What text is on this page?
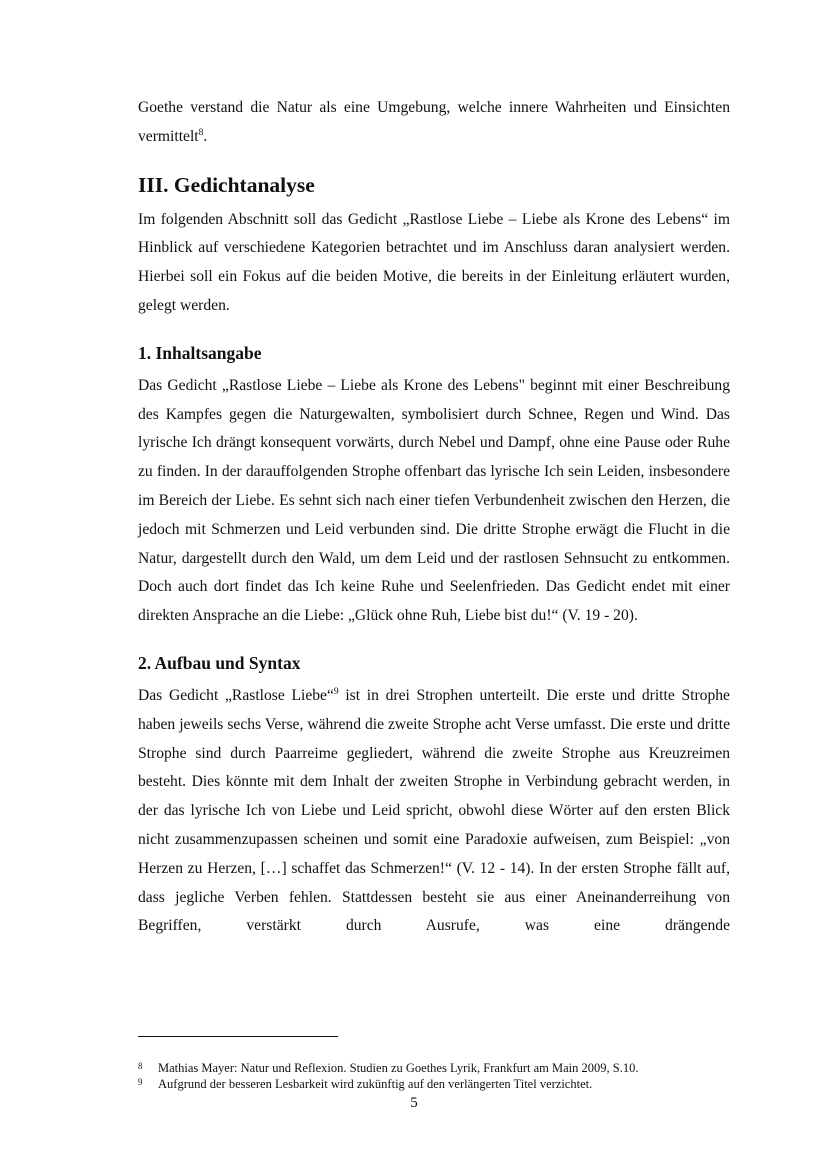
Goethe verstand die Natur als eine Umgebung, welche innere Wahrheiten und Einsichten vermittelt$^8$.

III. Gedichtanalyse

Im folgenden Abschnitt soll das Gedicht „Rastlose Liebe – Liebe als Krone des Lebens“ im Hinblick auf verschiedene Kategorien betrachtet und im Anschluss daran analysiert werden. Hierbei soll ein Fokus auf die beiden Motive, die bereits in der Einleitung erläutert wurden, gelegt werden.

1. Inhaltsangabe

Das Gedicht „Rastlose Liebe – Liebe als Krone des Lebens" beginnt mit einer Beschreibung des Kampfes gegen die Naturgewalten, symbolisiert durch Schnee, Regen und Wind. Das lyrische Ich drängt konsequent vorwärts, durch Nebel und Dampf, ohne eine Pause oder Ruhe zu finden. In der darauffolgenden Strophe offenbart das lyrische Ich sein Leiden, insbesondere im Bereich der Liebe. Es sehnt sich nach einer tiefen Verbundenheit zwischen den Herzen, die jedoch mit Schmerzen und Leid verbunden sind. Die dritte Strophe erwägt die Flucht in die Natur, dargestellt durch den Wald, um dem Leid und der rastlosen Sehnsucht zu entkommen. Doch auch dort findet das Ich keine Ruhe und Seelenfrieden. Das Gedicht endet mit einer direkten Ansprache an die Liebe: „Glück ohne Ruh, Liebe bist du!“ (V. 19 - 20).

2. Aufbau und Syntax

Das Gedicht „Rastlose Liebe“$^9$ ist in drei Strophen unterteilt. Die erste und dritte Strophe haben jeweils sechs Verse, während die zweite Strophe acht Verse umfasst. Die erste und dritte Strophe sind durch Paarreime gegliedert, während die zweite Strophe aus Kreuzreimen besteht. Dies könnte mit dem Inhalt der zweiten Strophe in Verbindung gebracht werden, in der das lyrische Ich von Liebe und Leid spricht, obwohl diese Wörter auf den ersten Blick nicht zusammenzupassen scheinen und somit eine Paradoxie aufweisen, zum Beispiel: „von Herzen zu Herzen, […] schaffet das Schmerzen!“ (V. 12 - 14). In der ersten Strophe fällt auf, dass jegliche Verben fehlen. Stattdessen besteht sie aus einer Aneinanderreihung von Begriffen, verstärkt durch Ausrufe, was eine drängende

8	Mathias Mayer: Natur und Reflexion. Studien zu Goethes Lyrik, Frankfurt am Main 2009, S.10.
9	Aufgrund der besseren Lesbarkeit wird zukünftig auf den verlängerten Titel verzichtet.
5
